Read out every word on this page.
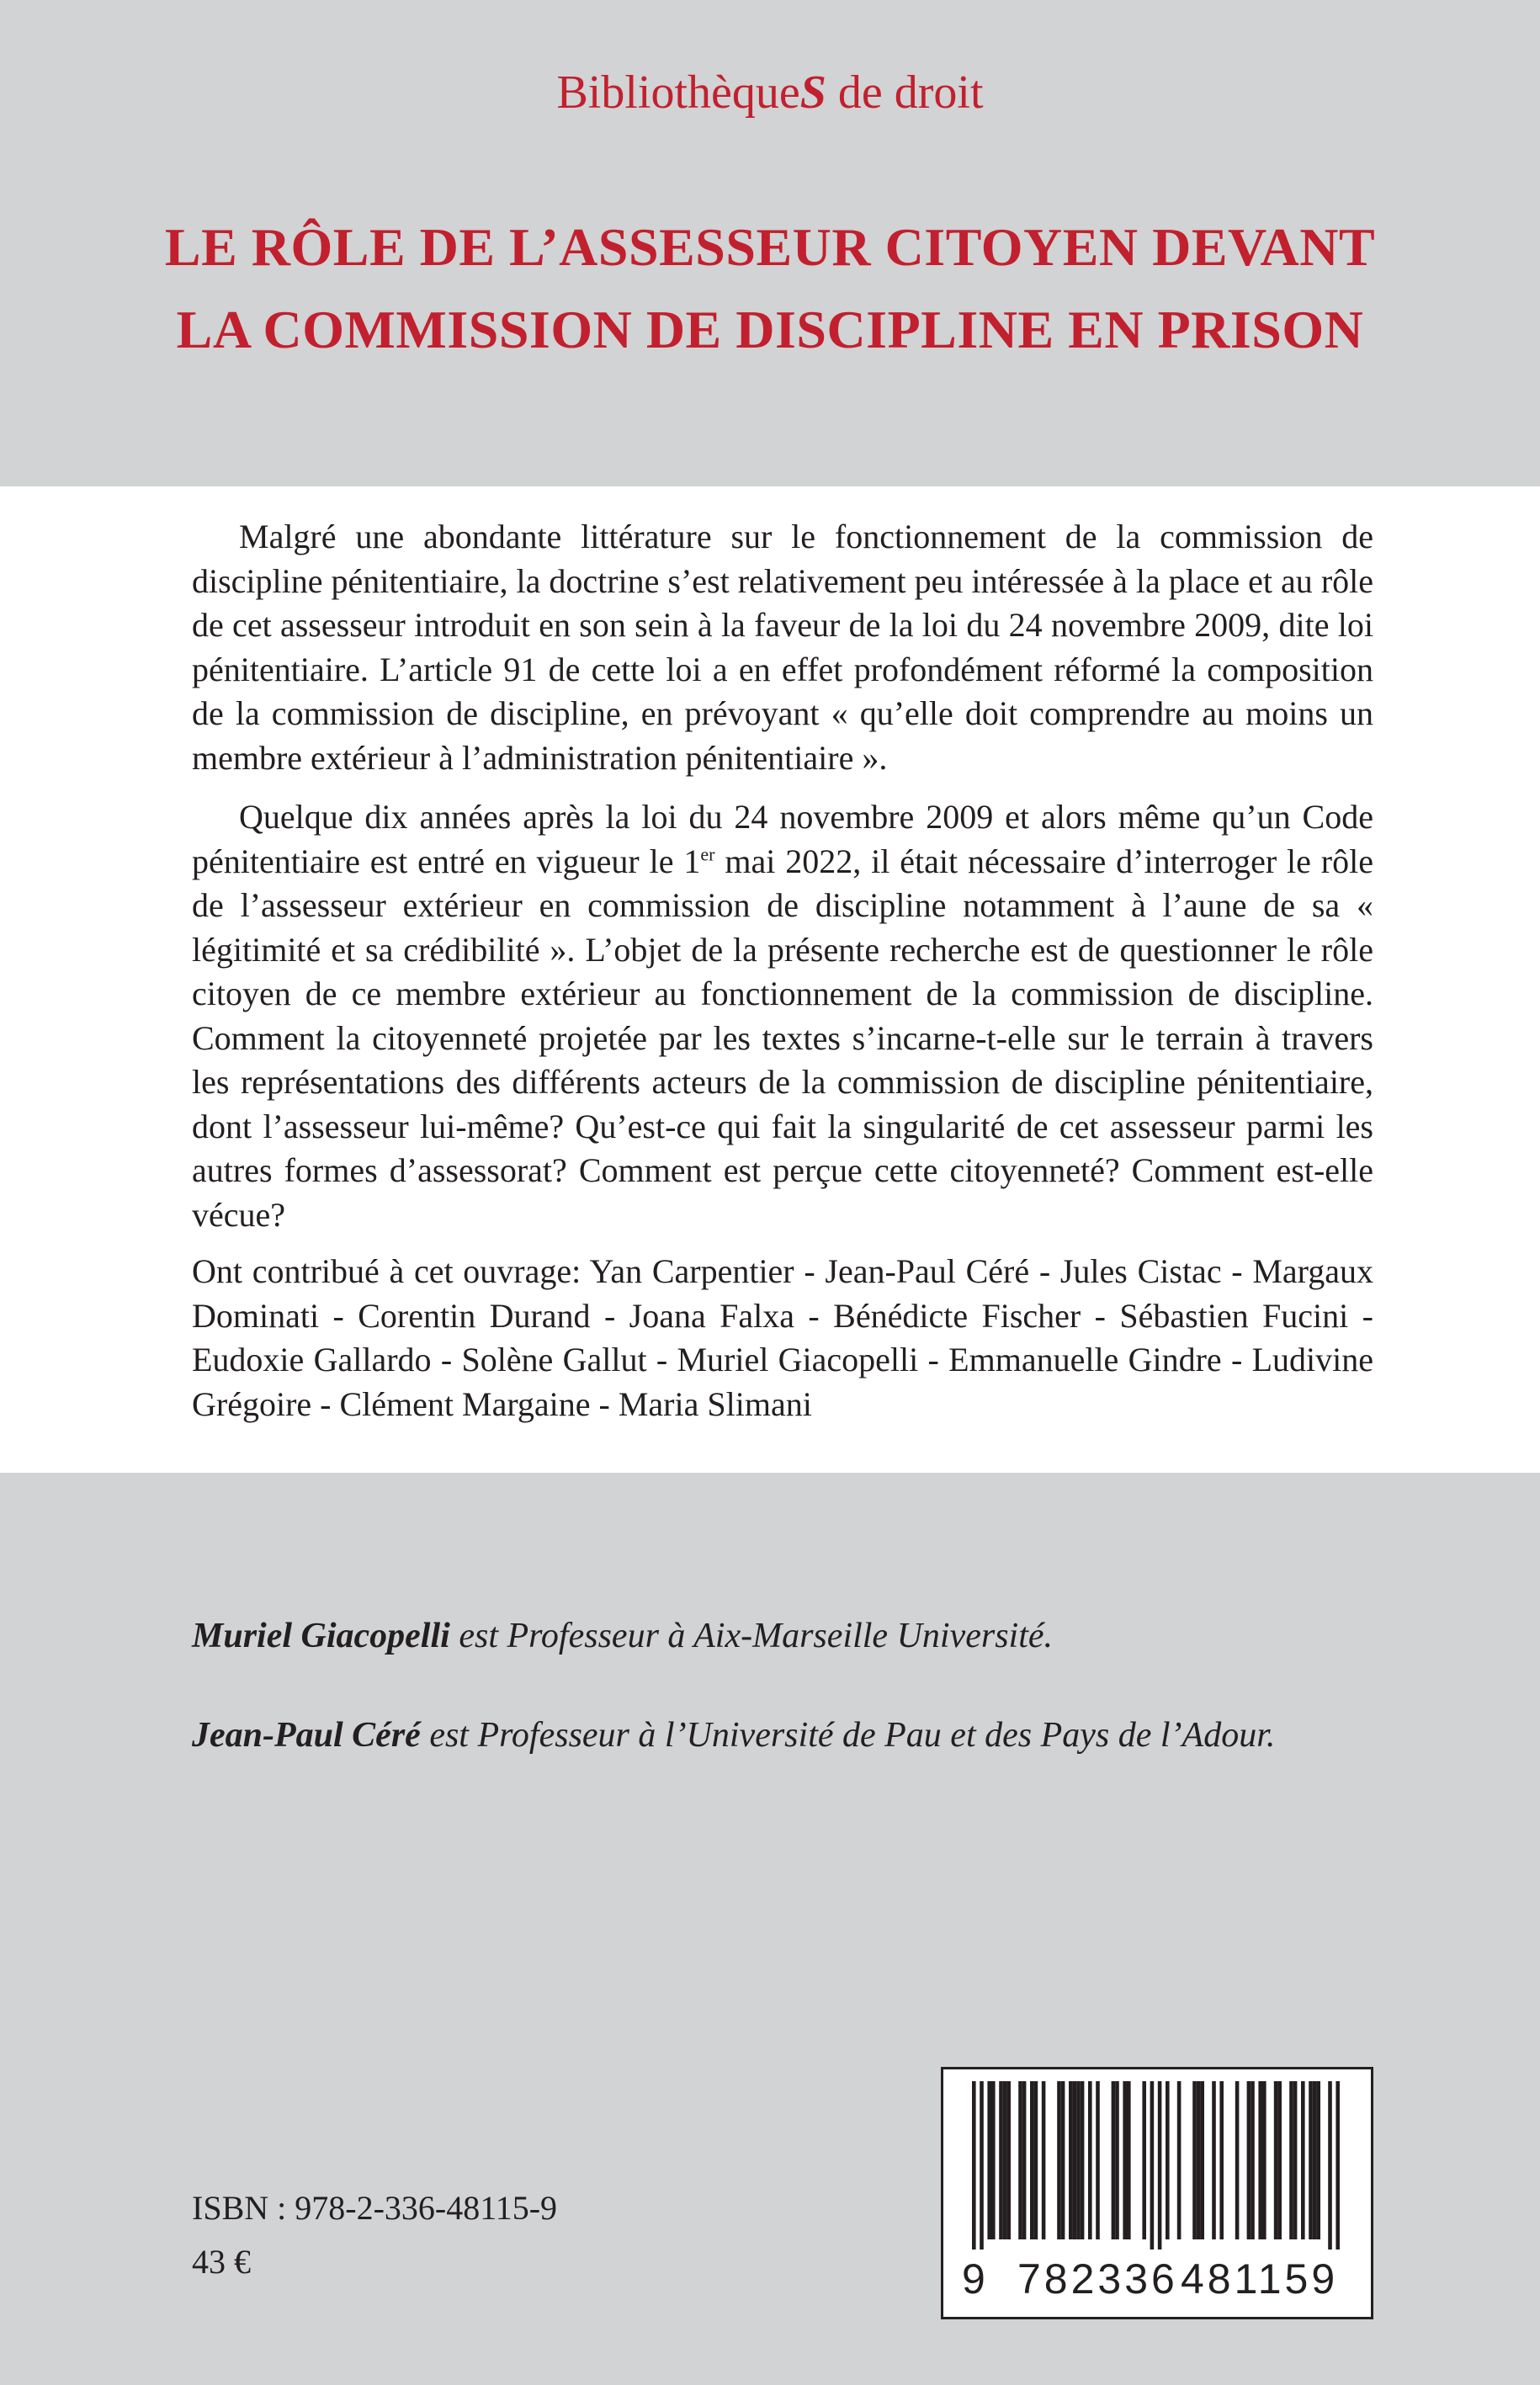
BibliothèqueS de droit
LE RÔLE DE L’ASSESSEUR CITOYEN DEVANT
LA COMMISSION DE DISCIPLINE EN PRISON

Malgré une abondante littérature sur le fonctionnement de la commission de discipline pénitentiaire, la doctrine s’est relativement peu intéressée à la place et au rôle de cet assesseur introduit en son sein à la faveur de la loi du 24 novembre 2009, dite loi pénitentiaire. L’article 91 de cette loi a en effet profondément réformé la composition de la commission de discipline, en prévoyant « qu’elle doit comprendre au moins un membre extérieur à l’administration pénitentiaire ».

Quelque dix années après la loi du 24 novembre 2009 et alors même qu’un Code pénitentiaire est entré en vigueur le 1er mai 2022, il était nécessaire d’interroger le rôle de l’assesseur extérieur en commission de discipline notamment à l’aune de sa « légitimité et sa crédibilité ». L’objet de la présente recherche est de questionner le rôle citoyen de ce membre extérieur au fonctionnement de la commission de discipline. Comment la citoyenneté projetée par les textes s’incarne-t-elle sur le terrain à travers les représentations des différents acteurs de la commission de discipline pénitentiaire, dont l’assesseur lui-même? Qu’est-ce qui fait la singularité de cet assesseur parmi les autres formes d’assessorat? Comment est perçue cette citoyenneté? Comment est-elle vécue?

Ont contribué à cet ouvrage: Yan Carpentier - Jean-Paul Céré - Jules Cistac - Margaux Dominati - Corentin Durand - Joana Falxa - Bénédicte Fischer - Sébastien Fucini - Eudoxie Gallardo - Solène Gallut - Muriel Giacopelli - Emmanuelle Gindre - Ludivine Grégoire - Clément Margaine - Maria Slimani

Muriel Giacopelli est Professeur à Aix-Marseille Université.

Jean-Paul Céré est Professeur à l’Université de Pau et des Pays de l’Adour.

ISBN : 978-2-336-48115-9

43 €	9 782336 481159
